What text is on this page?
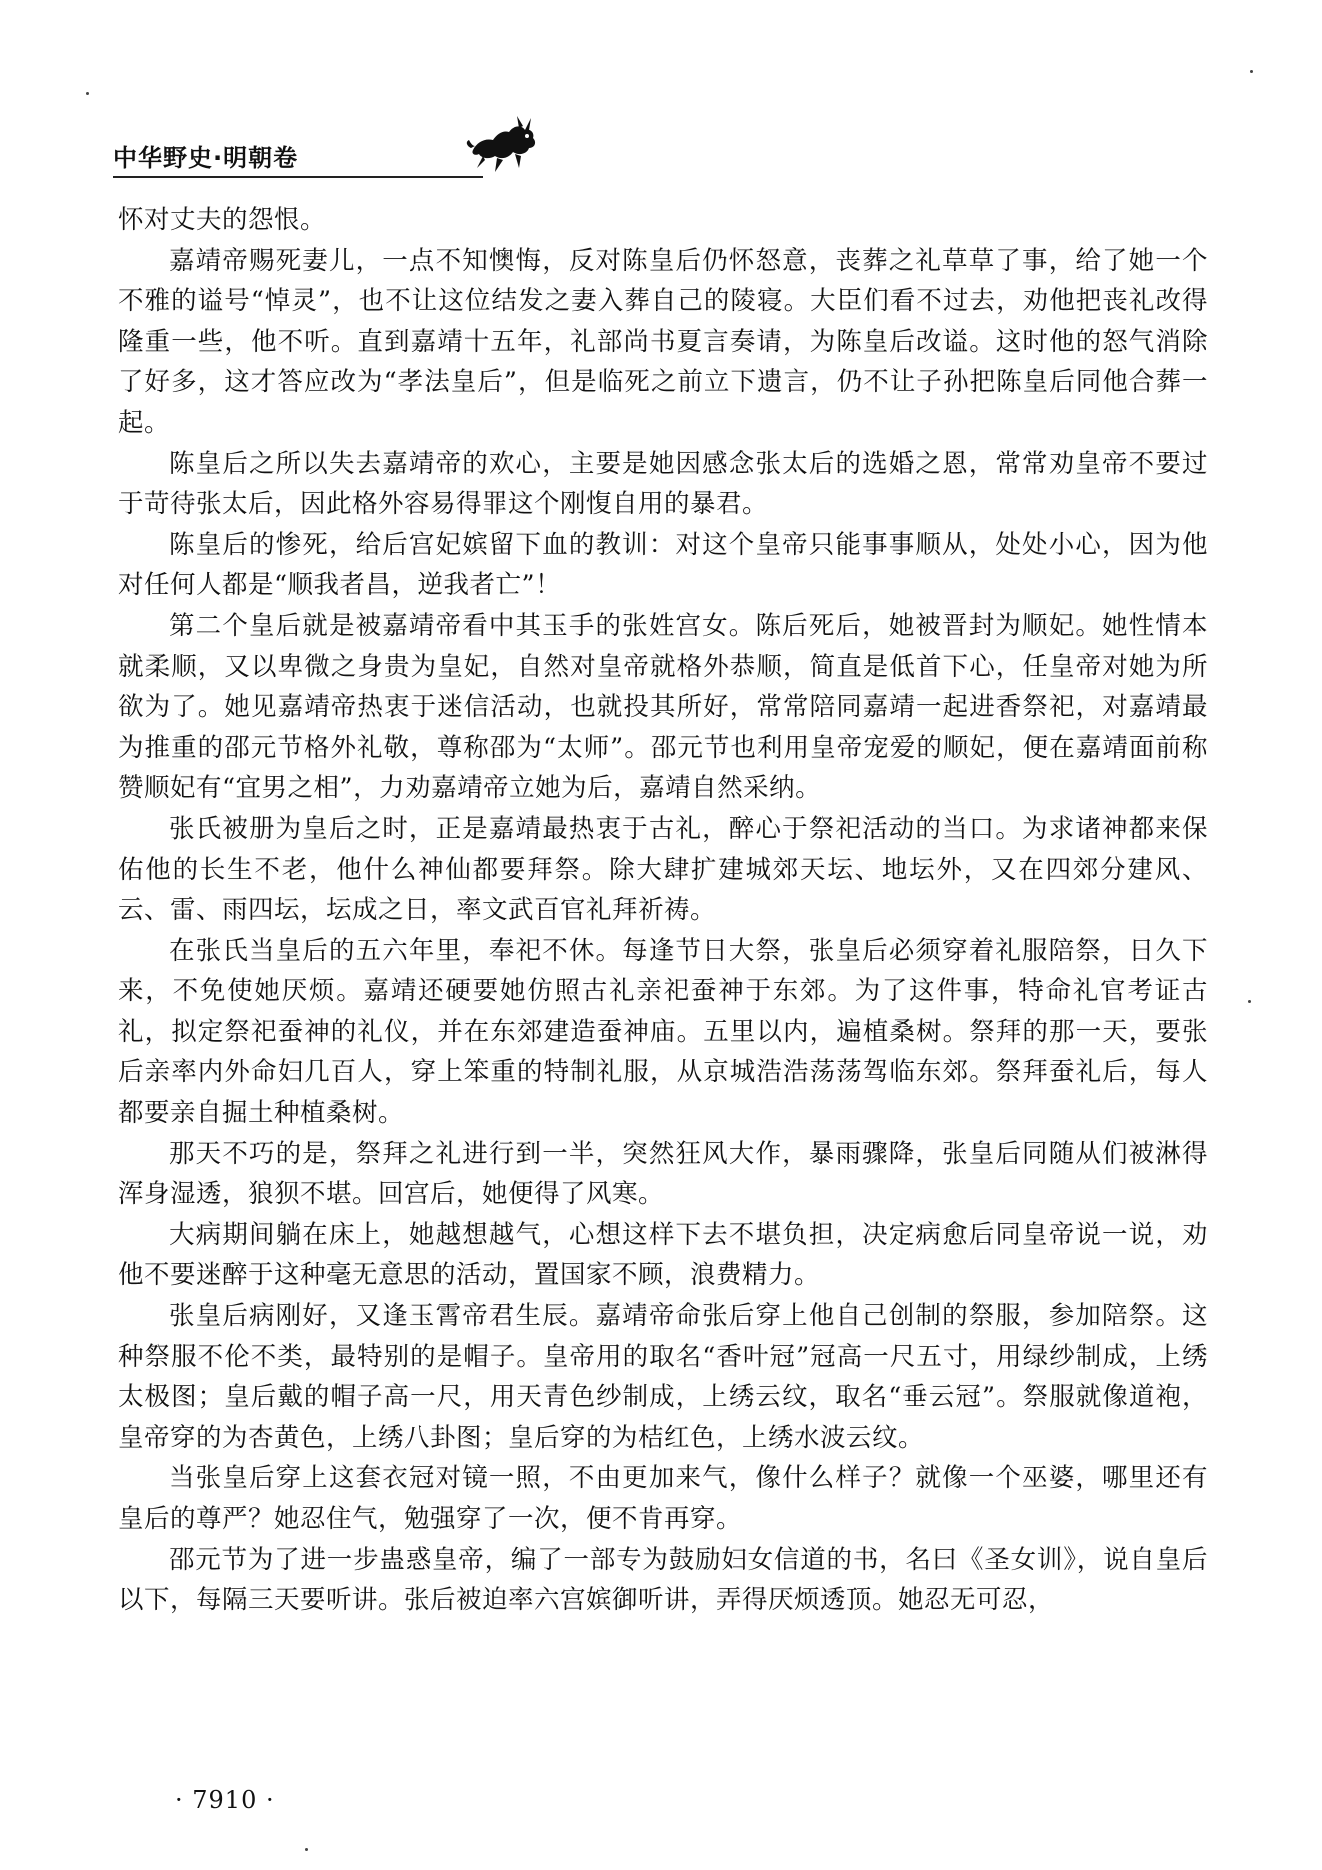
中华野史·明朝卷

怀对丈夫的怨恨。

嘉靖帝赐死妻儿，一点不知懊悔，反对陈皇后仍怀怒意，丧葬之礼草草了事，给了她一个不雅的谥号“悼灵”，也不让这位结发之妻入葬自己的陵寝。大臣们看不过去，劝他把丧礼改得隆重一些，他不听。直到嘉靖十五年，礼部尚书夏言奏请，为陈皇后改谥。这时他的怒气消除了好多，这才答应改为“孝法皇后”，但是临死之前立下遗言，仍不让子孙把陈皇后同他合葬一起。

陈皇后之所以失去嘉靖帝的欢心，主要是她因感念张太后的选婚之恩，常常劝皇帝不要过于苛待张太后，因此格外容易得罪这个刚愎自用的暴君。

陈皇后的惨死，给后宫妃嫔留下血的教训：对这个皇帝只能事事顺从，处处小心，因为他对任何人都是“顺我者昌，逆我者亡”！

第二个皇后就是被嘉靖帝看中其玉手的张姓宫女。陈后死后，她被晋封为顺妃。她性情本就柔顺，又以卑微之身贵为皇妃，自然对皇帝就格外恭顺，简直是低首下心，任皇帝对她为所欲为了。她见嘉靖帝热衷于迷信活动，也就投其所好，常常陪同嘉靖一起进香祭祀，对嘉靖最为推重的邵元节格外礼敬，尊称邵为“太师”。邵元节也利用皇帝宠爱的顺妃，便在嘉靖面前称赞顺妃有“宜男之相”，力劝嘉靖帝立她为后，嘉靖自然采纳。

张氏被册为皇后之时，正是嘉靖最热衷于古礼，醉心于祭祀活动的当口。为求诸神都来保佑他的长生不老，他什么神仙都要拜祭。除大肆扩建城郊天坛、地坛外，又在四郊分建风、云、雷、雨四坛，坛成之日，率文武百官礼拜祈祷。

在张氏当皇后的五六年里，奉祀不休。每逢节日大祭，张皇后必须穿着礼服陪祭，日久下来，不免使她厌烦。嘉靖还硬要她仿照古礼亲祀蚕神于东郊。为了这件事，特命礼官考证古礼，拟定祭祀蚕神的礼仪，并在东郊建造蚕神庙。五里以内，遍植桑树。祭拜的那一天，要张后亲率内外命妇几百人，穿上笨重的特制礼服，从京城浩浩荡荡驾临东郊。祭拜蚕礼后，每人都要亲自掘土种植桑树。

那天不巧的是，祭拜之礼进行到一半，突然狂风大作，暴雨骤降，张皇后同随从们被淋得浑身湿透，狼狈不堪。回宫后，她便得了风寒。

大病期间躺在床上，她越想越气，心想这样下去不堪负担，决定病愈后同皇帝说一说，劝他不要迷醉于这种毫无意思的活动，置国家不顾，浪费精力。

张皇后病刚好，又逢玉霄帝君生辰。嘉靖帝命张后穿上他自己创制的祭服，参加陪祭。这种祭服不伦不类，最特别的是帽子。皇帝用的取名“香叶冠”冠高一尺五寸，用绿纱制成，上绣太极图；皇后戴的帽子高一尺，用天青色纱制成，上绣云纹，取名“垂云冠”。祭服就像道袍，皇帝穿的为杏黄色，上绣八卦图；皇后穿的为桔红色，上绣水波云纹。

当张皇后穿上这套衣冠对镜一照，不由更加来气，像什么样子？就像一个巫婆，哪里还有皇后的尊严？她忍住气，勉强穿了一次，便不肯再穿。

邵元节为了进一步蛊惑皇帝，编了一部专为鼓励妇女信道的书，名曰《圣女训》，说自皇后以下，每隔三天要听讲。张后被迫率六宫嫔御听讲，弄得厌烦透顶。她忍无可忍，

· 7910 ·
